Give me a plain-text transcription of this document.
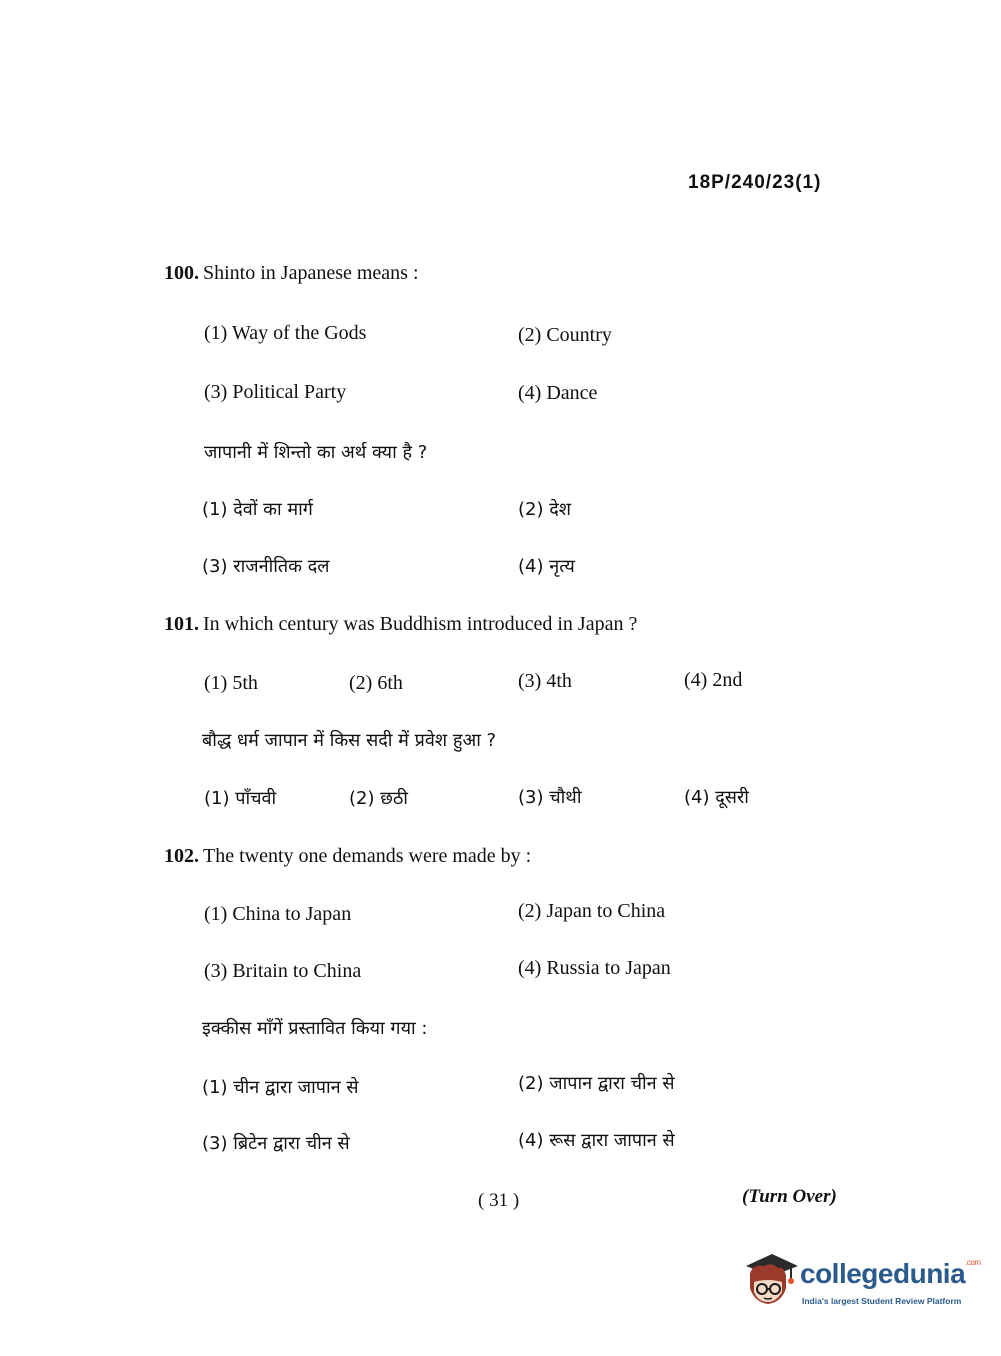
18P/240/23(1)
100. Shinto in Japanese means :
(1) Way of the Gods	(2) Country
(3) Political Party	(4) Dance
जापानी में शिन्तो का अर्थ क्या है ?
(1) देवों का मार्ग	(2) देश
(3) राजनीतिक दल	(4) नृत्य
101. In which century was Buddhism introduced in Japan ?
(1) 5th	(2) 6th	(3) 4th	(4) 2nd
बौद्ध धर्म जापान में किस सदी में प्रवेश हुआ ?
(1) पाँचवी	(2) छठी	(3) चौथी	(4) दूसरी
102. The twenty one demands were made by :
(1) China to Japan	(2) Japan to China
(3) Britain to China	(4) Russia to Japan
इक्कीस माँगें प्रस्तावित किया गया :
(1) चीन द्वारा जापान से	(2) जापान द्वारा चीन से
(3) ब्रिटेन द्वारा चीन से	(4) रूस द्वारा जापान से
( 31 )	(Turn Over)
collegedunia$^{.com}$
India's largest Student Review Platform
